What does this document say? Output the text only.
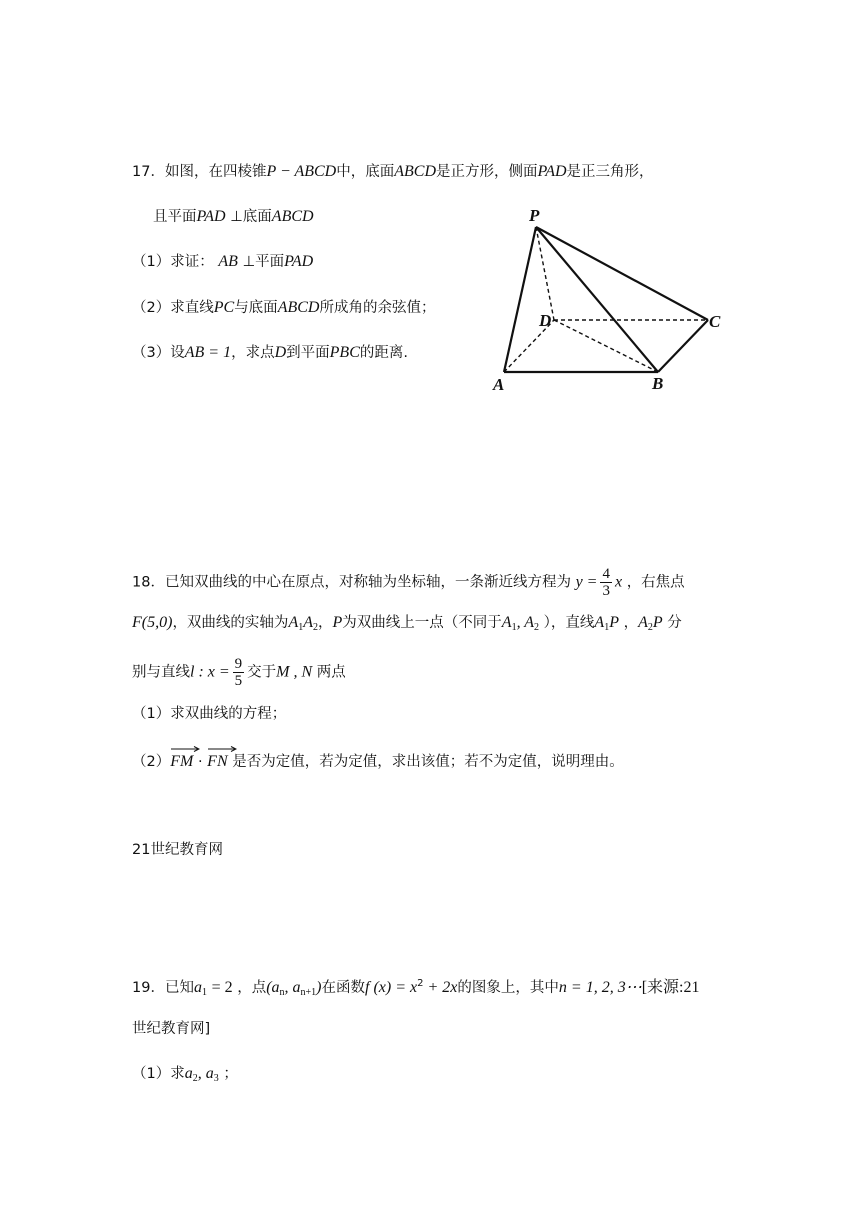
17．如图，在四棱锥P − ABCD中，底面ABCD是正方形，侧面PAD是正三角形，
且平面PAD ⊥底面ABCD
（1）求证： AB ⊥平面PAD
（2）求直线PC与底面ABCD所成角的余弦值；
（3）设AB = 1，求点D到平面PBC的距离.
P
A	B
C
D
18．已知双曲线的中心在原点，对称轴为坐标轴，一条渐近线方程为 $y = \frac{4}{3}$ x ，右焦点
F(5,0)，双曲线的实轴为$A_1A_2$，P为双曲线上一点（不同于$A_1$, $A_2$ ），直线$A_1P$ ，$A_2P$ 分
别与直线l : $x = \frac{9}{5}$ 交于M , N 两点
（1）求双曲线的方程；
（2）
FM · FN 是否为定值，若为定值，求出该值；若不为定值，说明理由。
21世纪教育网
19．已知$a_1 = 2$ ，点($a_n$, $a_{n+1}$)在函数f $(x) = x^2 + 2x$的图象上，其中n = 1, 2, 3⋯[来源:21
世纪教育网]
（1）求$a_2$, $a_3$ ；
